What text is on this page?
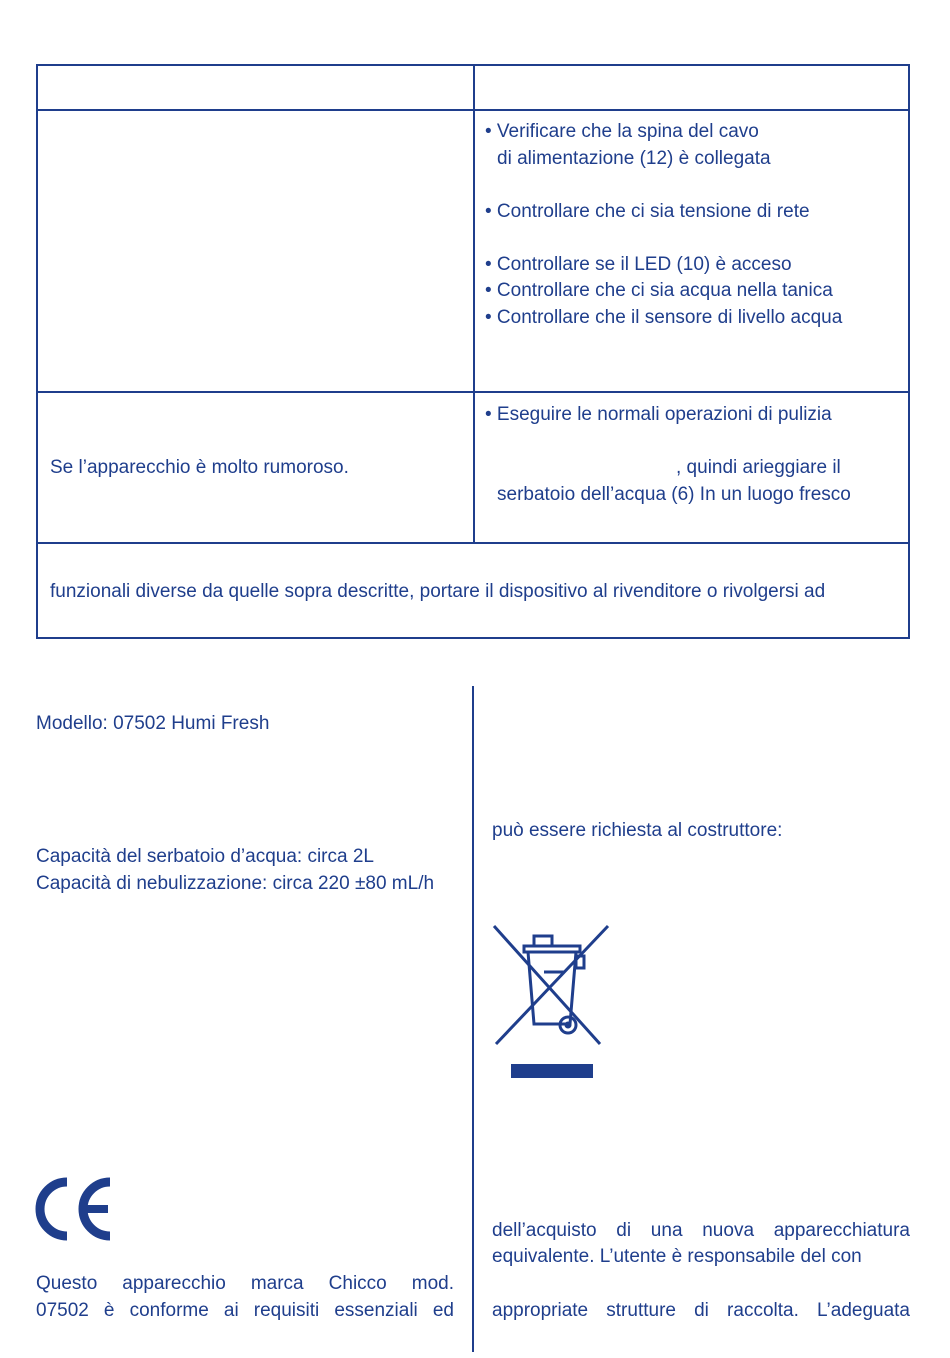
• Verificare che la spina del cavo
di alimentazione (12) è collegata
• Controllare che ci sia tensione di rete
• Controllare se il LED (10) è acceso
• Controllare che ci sia acqua nella tanica
• Controllare che il sensore di livello acqua
Se l’apparecchio è molto rumoroso.
• Eseguire le normali operazioni di pulizia
, quindi arieggiare il
serbatoio dell’acqua (6) In un luogo fresco
funzionali diverse da quelle sopra descritte, portare il dispositivo al rivenditore o rivolgersi ad
Modello: 07502 Humi Fresh
Capacità del serbatoio d’acqua: circa 2L
Capacità di nebulizzazione: circa 220 ±80 mL/h
Questo apparecchio marca Chicco mod.
07502 è conforme ai requisiti essenziali ed
può essere richiesta al costruttore:
dell’acquisto di una nuova apparecchiatura
equivalente. L’utente è responsabile del con
appropriate strutture di raccolta. L’adeguata
